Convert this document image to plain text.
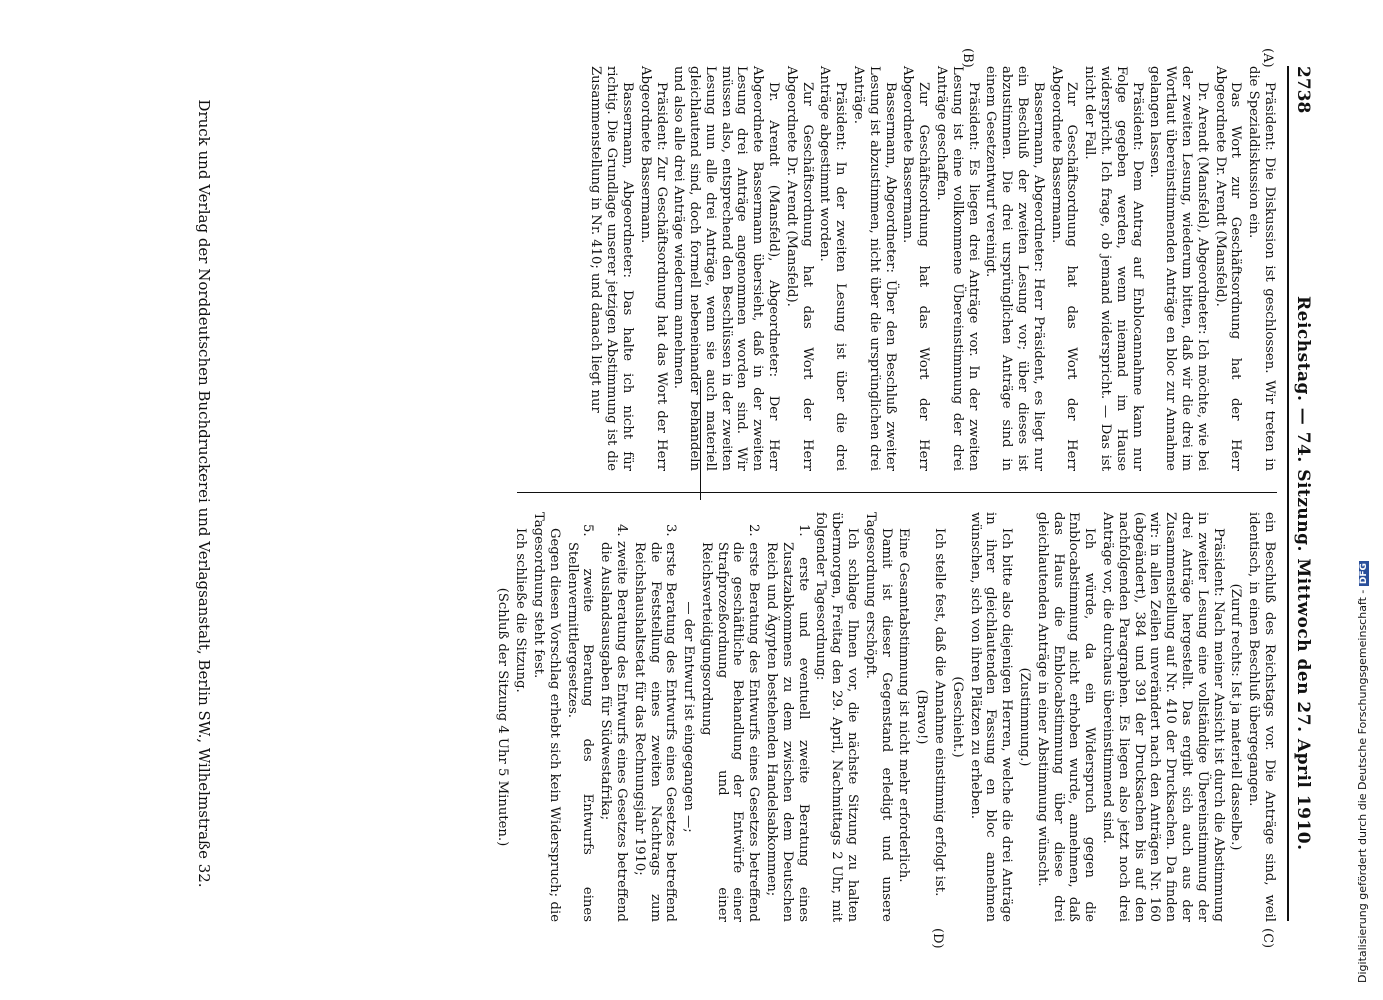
2738
Reichstag. — 74. Sitzung. Mittwoch den 27. April 1910.
(A)
(B)
(C)
(D)

Präsident: Die Diskussion ist geschlossen. Wir treten in die Spezialdiskussion ein.

Das Wort zur Geschäftsordnung hat der Herr Abgeordnete Dr. Arendt (Mansfeld).

Dr. Arendt (Mansfeld), Abgeordneter: Ich möchte, wie bei der zweiten Lesung, wiederum bitten, daß wir die drei im Wortlaut übereinstimmenden Anträge en bloc zur Annahme gelangen lassen.

Präsident: Dem Antrag auf Enblocannahme kann nur Folge gegeben werden, wenn niemand im Hause widerspricht. Ich frage, ob jemand widerspricht. — Das ist nicht der Fall.

Zur Geschäftsordnung hat das Wort der Herr Abgeordnete Bassermann.

Bassermann, Abgeordneter: Herr Präsident, es liegt nur ein Beschluß der zweiten Lesung vor; über dieses ist abzustimmen. Die drei ursprünglichen Anträge sind in einem Gesetzentwurf vereinigt.

Präsident: Es liegen drei Anträge vor. In der zweiten Lesung ist eine vollkommene Übereinstimmung der drei Anträge geschaffen.

Zur Geschäftsordnung hat das Wort der Herr Abgeordnete Bassermann.

Bassermann, Abgeordneter: Über den Beschluß zweiter Lesung ist abzustimmen, nicht über die ursprünglichen drei Anträge.

Präsident: In der zweiten Lesung ist über die drei Anträge abgestimmt worden.

Zur Geschäftsordnung hat das Wort der Herr Abgeordnete Dr. Arendt (Mansfeld).

Dr. Arendt (Mansfeld), Abgeordneter: Der Herr Abgeordnete Bassermann übersieht, daß in der zweiten Lesung drei Anträge angenommen worden sind. Wir müssen also, entsprechend den Beschlüssen in der zweiten Lesung nun alle drei Anträge, wenn sie auch materiell gleichlautend sind, doch formell nebeneinander behandeln und also alle drei Anträge wiederum annehmen.

Präsident: Zur Geschäftsordnung hat das Wort der Herr Abgeordnete Bassermann.

Bassermann, Abgeordneter: Das halte ich nicht für richtig. Die Grundlage unserer jetzigen Abstimmung ist die Zusammenstellung in Nr. 410; und danach liegt nur

ein Beschluß des Reichstags vor. Die Anträge sind, weil identisch, in einen Beschluß übergegangen.

(Zuruf rechts: Ist ja materiell dasselbe.)

Präsident: Nach meiner Ansicht ist durch die Abstimmung in zweiter Lesung eine vollständige Übereinstimmung der drei Anträge hergestellt. Das ergibt sich auch aus der Zusammenstellung auf Nr. 410 der Drucksachen. Da finden wir: in allen Zeilen unverändert nach den Anträgen Nr. 160 (abgeändert), 384 und 391 der Drucksachen bis auf den nachfolgenden Paragraphen. Es liegen also jetzt noch drei Anträge vor, die durchaus übereinstimmend sind.

Ich würde, da ein Widerspruch gegen die Enblocabstimmung nicht erhoben wurde, annehmen, daß das Haus die Enblocabstimmung über diese drei gleichlautenden Anträge in einer Abstimmung wünscht.

(Zustimmung.)

Ich bitte also diejenigen Herren, welche die drei Anträge in ihrer gleichlautenden Fassung en bloc annehmen wünschen, sich von ihren Plätzen zu erheben.

(Geschieht.)

Ich stelle fest, daß die Annahme einstimmig erfolgt ist.

(Bravo!)

Eine Gesamtabstimmung ist nicht mehr erforderlich.

Damit ist dieser Gegenstand erledigt und unsere Tagesordnung erschöpft.

Ich schlage Ihnen vor, die nächste Sitzung zu halten übermorgen, Freitag den 29. April, Nachmittags 2 Uhr, mit folgender Tagesordnung:

1. erste und eventuell zweite Beratung eines Zusatzabkommens zu dem zwischen dem Deutschen Reich und Ägypten bestehenden Handelsabkommen;

2. erste Beratung des Entwurfs eines Gesetzes betreffend die geschäftliche Behandlung der Entwürfe einer Strafprozeßordnung und einer Reichsverteidigungsordnung

— der Entwurf ist eingegangen —;

3. erste Beratung des Entwurfs eines Gesetzes betreffend die Feststellung eines zweiten Nachtrags zum Reichshaushaltsetat für das Rechnungsjahr 1910;

4. zweite Beratung des Entwurfs eines Gesetzes betreffend die Auslandsausgaben für Südwestafrika;

5. zweite Beratung des Entwurfs eines Stellenvermittlergesetzes.

Gegen diesen Vorschlag erhebt sich kein Widerspruch; die Tagesordnung steht fest.

Ich schließe die Sitzung.

(Schluß der Sitzung 4 Uhr 5 Minuten.)

Druck und Verlag der Norddeutschen Buchdruckerei und Verlagsanstalt, Berlin SW., Wilhelmstraße 32.	Digitalisierung gefördert durch die Deutsche Forschungsgemeinschaft - DFG
